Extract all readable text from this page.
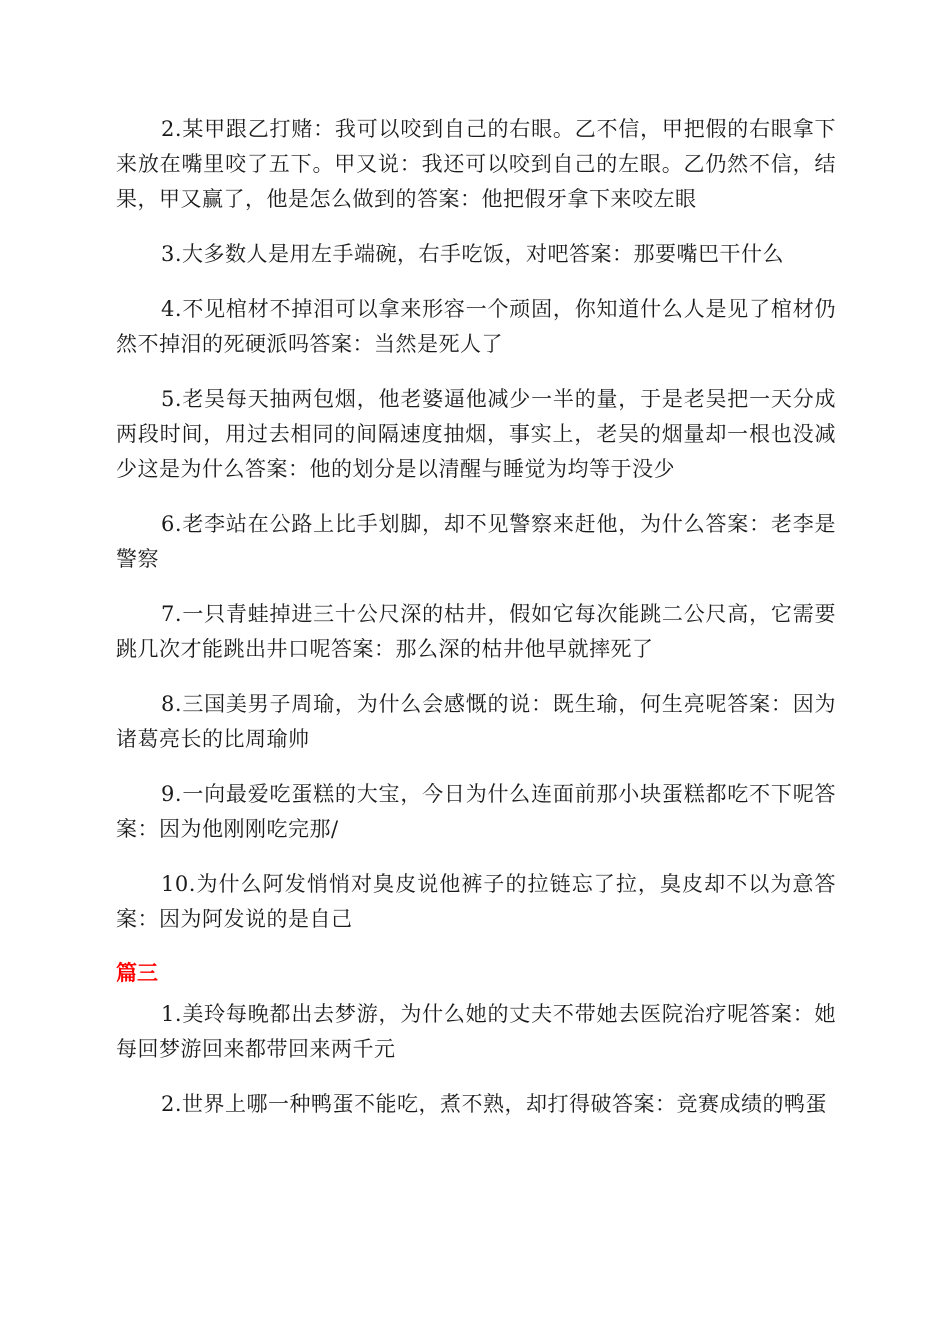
2.某甲跟乙打赌：我可以咬到自己的右眼。乙不信，甲把假的右眼拿下来放在嘴里咬了五下。甲又说：我还可以咬到自己的左眼。乙仍然不信，结果，甲又赢了，他是怎么做到的答案：他把假牙拿下来咬左眼

3.大多数人是用左手端碗，右手吃饭，对吧答案：那要嘴巴干什么

4.不见棺材不掉泪可以拿来形容一个顽固，你知道什么人是见了棺材仍然不掉泪的死硬派吗答案：当然是死人了

5.老吴每天抽两包烟，他老婆逼他减少一半的量，于是老吴把一天分成两段时间，用过去相同的间隔速度抽烟，事实上，老吴的烟量却一根也没减少这是为什么答案：他的划分是以清醒与睡觉为均等于没少

6.老李站在公路上比手划脚，却不见警察来赶他，为什么答案：老李是警察

7.一只青蛙掉进三十公尺深的枯井，假如它每次能跳二公尺高，它需要跳几次才能跳出井口呢答案：那么深的枯井他早就摔死了

8.三国美男子周瑜，为什么会感慨的说：既生瑜，何生亮呢答案：因为诸葛亮长的比周瑜帅

9.一向最爱吃蛋糕的大宝，今日为什么连面前那小块蛋糕都吃不下呢答案：因为他刚刚吃完那/

10.为什么阿发悄悄对臭皮说他裤子的拉链忘了拉，臭皮却不以为意答案：因为阿发说的是自己

篇三

1.美玲每晚都出去梦游，为什么她的丈夫不带她去医院治疗呢答案：她每回梦游回来都带回来两千元

2.世界上哪一种鸭蛋不能吃，煮不熟，却打得破答案：竞赛成绩的鸭蛋
